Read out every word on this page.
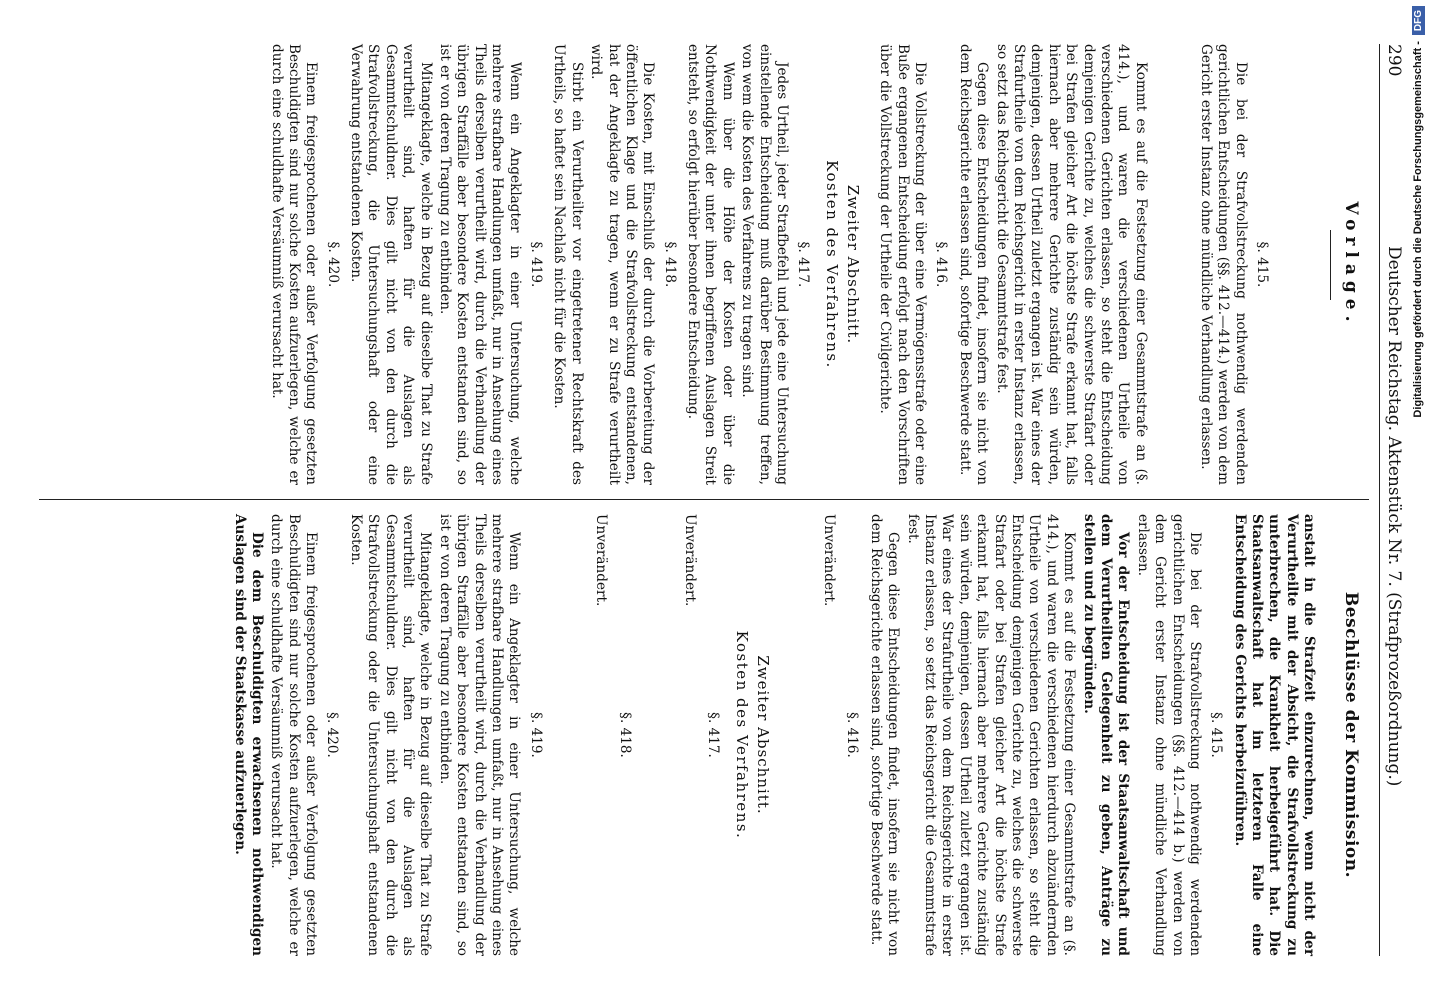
290
Deutscher Reichstag. Aktenstück Nr. 7. (Strafprozeßordnung.)
Vorlage.
§. 415.

Die bei der Strafvollstreckung nothwendig werdenden gerichtlichen Entscheidungen (§§. 412.—414.) werden von dem Gericht erster Instanz ohne mündliche Verhandlung erlassen.

Kommt es auf die Festsetzung einer Gesammtstrafe an (§. 414.), und waren die verschiedenen Urtheile von verschiedenen Gerichten erlassen, so steht die Entscheidung demjenigen Gerichte zu, welches die schwerste Strafart oder bei Strafen gleicher Art die höchste Strafe erkannt hat, falls hiernach aber mehrere Gerichte zuständig sein würden, demjenigen, dessen Urtheil zuletzt ergangen ist. War eines der Strafurtheile von dem Reichsgericht in erster Instanz erlassen, so setzt das Reichsgericht die Gesammtstrafe fest.

Gegen diese Entscheidungen findet, insofern sie nicht von dem Reichsgerichte erlassen sind, sofortige Beschwerde statt.

§. 416.

Die Vollstreckung der über eine Vermögensstrafe oder eine Buße ergangenen Entscheidung erfolgt nach den Vorschriften über die Vollstreckung der Urtheile der Civilgerichte.

Zweiter Abschnitt.
Kosten des Verfahrens.
§. 417.

Jedes Urtheil, jeder Strafbefehl und jede eine Untersuchung einstellende Entscheidung muß darüber Bestimmung treffen, von wem die Kosten des Verfahrens zu tragen sind.

Wenn über die Höhe der Kosten oder über die Nothwendigkeit der unter ihnen begriffenen Auslagen Streit entsteht, so erfolgt hierüber besondere Entscheidung.

§. 418.

Die Kosten, mit Einschluß der durch die Vorbereitung der öffentlichen Klage und die Strafvollstreckung entstandenen, hat der Angeklagte zu tragen, wenn er zu Strafe verurtheilt wird.

Stirbt ein Verurtheilter vor eingetretener Rechtskraft des Urtheils, so haftet sein Nachlaß nicht für die Kosten.

§. 419.

Wenn ein Angeklagter in einer Untersuchung, welche mehrere strafbare Handlungen umfaßt, nur in Ansehung eines Theils derselben verurtheilt wird, durch die Verhandlung der übrigen Straffälle aber besondere Kosten entstanden sind, so ist er von deren Tragung zu entbinden.

Mitangeklagte, welche in Bezug auf dieselbe That zu Strafe verurtheilt sind, haften für die Auslagen als Gesammtschuldner. Dies gilt nicht von den durch die Strafvollstreckung, die Untersuchungshaft oder eine Verwahrung entstandenen Kosten.

§. 420.

Einem freigesprochenen oder außer Verfolgung gesetzten Beschuldigten sind nur solche Kosten aufzuerlegen, welche er durch eine schuldhafte Versäumniß verursacht hat.

Beschlüsse der Kommission.

anstalt in die Strafzeit einzurechnen, wenn nicht der Verurtheilte mit der Absicht, die Strafvollstreckung zu unterbrechen, die Krankheit herbeigeführt hat. Die Staatsanwaltschaft hat im letzteren Falle eine Entscheidung des Gerichts herbeizuführen.

§. 415.

Die bei der Strafvollstreckung nothwendig werdenden gerichtlichen Entscheidungen (§§. 412.—414 b.) werden von dem Gericht erster Instanz ohne mündliche Verhandlung erlassen.

Vor der Entscheidung ist der Staatsanwaltschaft und dem Verurtheilten Gelegenheit zu geben, Anträge zu stellen und zu begründen.

Kommt es auf die Festsetzung einer Gesammtstrafe an (§. 414.), und waren die verschiedenen hierdurch abzuändernden Urtheile von verschiedenen Gerichten erlassen, so steht die Entscheidung demjenigen Gerichte zu, welches die schwerste Strafart oder bei Strafen gleicher Art die höchste Strafe erkannt hat, falls hiernach aber mehrere Gerichte zuständig sein würden, demjenigen, dessen Urtheil zuletzt ergangen ist. War eines der Strafurtheile von dem Reichsgerichte in erster Instanz erlassen, so setzt das Reichsgericht die Gesammtstrafe fest.

Gegen diese Entscheidungen findet, insofern sie nicht von dem Reichsgerichte erlassen sind, sofortige Beschwerde statt.

§. 416.

Unverändert.

Zweiter Abschnitt.
Kosten des Verfahrens.
§. 417.

Unverändert.

§. 418.

Unverändert.

§. 419.

Wenn ein Angeklagter in einer Untersuchung, welche mehrere strafbare Handlungen umfaßt, nur in Ansehung eines Theils derselben verurtheilt wird, durch die Verhandlung der übrigen Straffälle aber besondere Kosten entstanden sind, so ist er von deren Tragung zu entbinden.

Mitangeklagte, welche in Bezug auf dieselbe That zu Strafe verurtheilt sind, haften für die Auslagen als Gesammtschuldner. Dies gilt nicht von den durch die Strafvollstreckung oder die Untersuchungshaft entstandenen Kosten.

§. 420.

Einem freigesprochenen oder außer Verfolgung gesetzten Beschuldigten sind nur solche Kosten aufzuerlegen, welche er durch eine schuldhafte Versäumniß verursacht hat.

Die dem Beschuldigten erwachsenen nothwendigen Auslagen sind der Staatskasse aufzuerlegen.

Digitalisierung gefördert durch die Deutsche Forschungsgemeinschaft -
DFG
